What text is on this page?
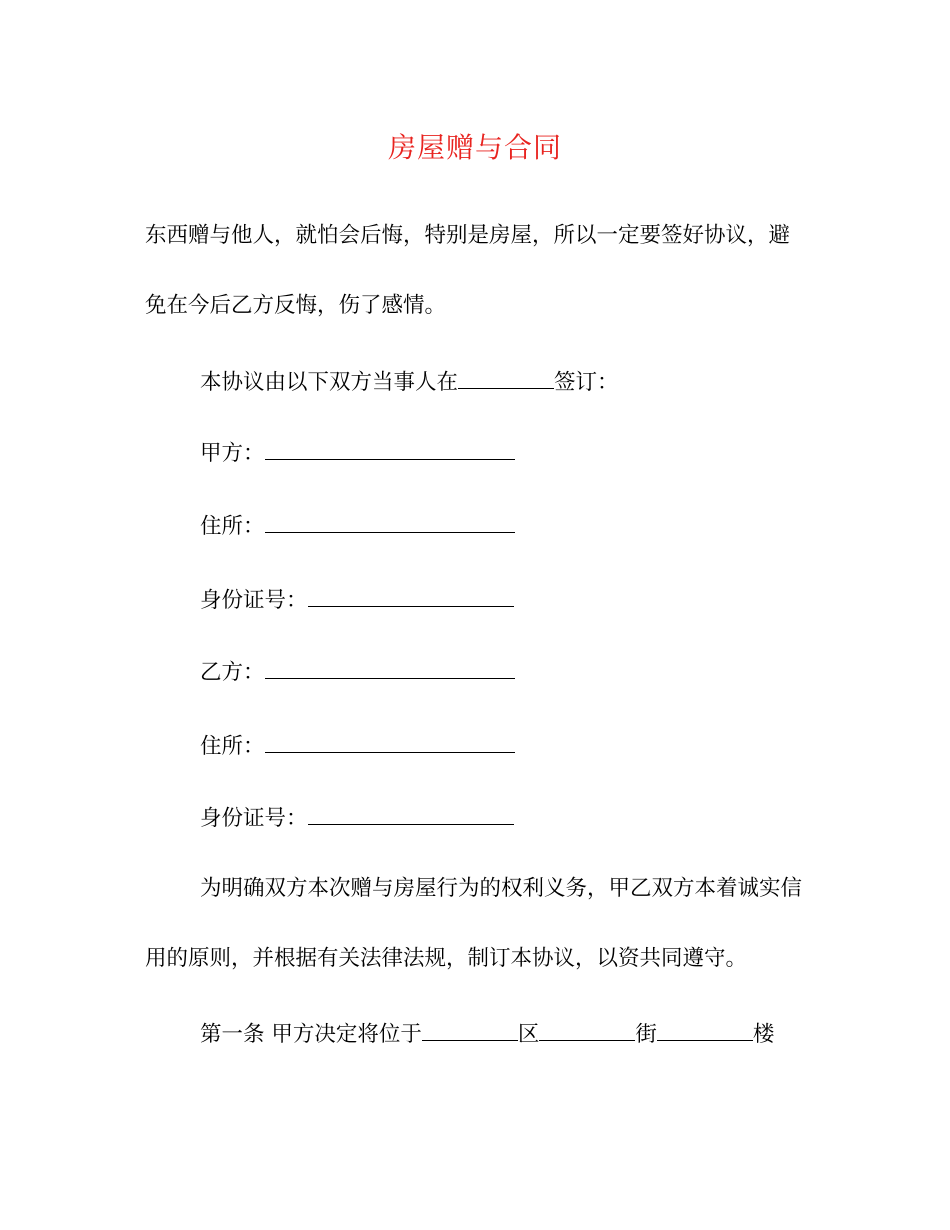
房屋赠与合同
东西赠与他人，就怕会后悔，特别是房屋，所以一定要签好协议，避
免在今后乙方反悔，伤了感情。
本协议由以下双方当事人在	签订：
甲方：
住所：
身份证号：
乙方：
住所：
身份证号：
为明确双方本次赠与房屋行为的权利义务，甲乙双方本着诚实信
用的原则，并根据有关法律法规，制订本协议，以资共同遵守。
第一条 甲方决定将位于	区	街	楼
